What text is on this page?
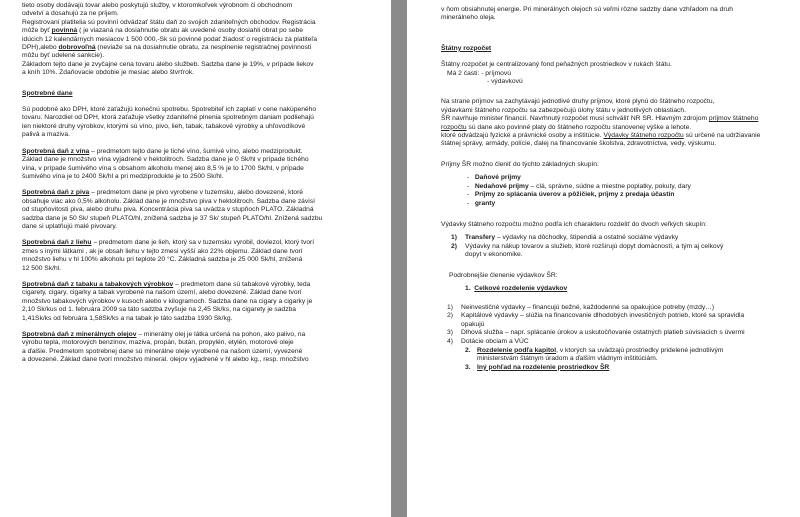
tieto osoby dodávajú tovar alebo poskytujú služby, v ktoromkoľvek výrobnom či obchodnom

odvetví a dosahujú za ne príjem.

Registrovaní platitelia sú povinní odvádzať štátu daň zo svojich zdaniteľných obchodov. Registrácia

môže byť povinná ( je viazaná na dosiahnutie obratu ak uvedené osoby dosiahli obrat po sebe

idúcich 12 kalendárnych mesiacov 1 500 000,-Sk sú povinné podať žiadosť o registráciu za platiteľa

DPH),alebo dobrovoľná (neviaže sa na dosiahnutie obratu, za nesplnenie registračnej povinnosti

môžu byť udelené sankcie).

Základom tejto dane je zvyčajne cena tovaru alebo službeb. Sadzba dane je 19%, v prípade liekov

a kníh 10%. Zdaňovacie obdobie je mesiac alebo štvrťrok.

Spotrebné dane

Sú podobné ako DPH, ktoré zaťažujú konečnú spotrebu. Spotrebiteľ ich zaplatí v cene nakúpeného

tovaru. Narozdiel od DPH, ktorá zaťažuje všetky zdaniteľné plnenia spotrebným daniam podliehajú

len niektoré druhy výrobkov, ktorými sú víno, pivo, lieh, tabak, tabakové výrobky a uhľovodíkové

palivá a maziva.

Spotrebná daň z vína – predmetom tejto dane je tiché víno, šumivé víno, alebo medziprodukt.

Základ dane je množstvo vína vyjadrené v hektolitroch. Sadzba dane je 0 Sk/hl v prípade tichého

vína, v prípade šumivého vína s obsahom alkoholu menej ako 8,5 % je to 1700 Sk/hl, v prípade

šumivého vína je to 2400 Sk/hl a pri medziprodukte je to 2500 Sk/hl.

Spotrebná daň z piva – predmetom dane je pivo vyrobene v tuzemsku, alebo dovezené, ktoré

obsahuje viac ako 0,5% alkoholu. Základ dane je množstvo piva v hektolitroch. Sadzba dane závisí

od stupňovitosti piva, alebo druhu piva. Koncentrácia piva sa uvádza v stupňoch PLATO. Základná

sadzba dane je 50 Sk/ stupeň PLATO/hl, znížená sadzba je 37 Sk/ stupeň PLATO/hl. Znížená sadzbu

dane si uplatňujú malé pivovary.

Spotrebná daň z liehu – predmetom dane je lieh, ktorý sa v tuzemsku vyrobil, doviezol, ktorý tvorí

zmes s inými látkami , ak je obsah liehu v tejto zmesi vyšší ako 22% objemu. Základ dane tvorí

množstvo liehu v hl 100% alkoholu pri teplote 20 °C. Základná sadzba je 25 000 Sk/hl, znížená

12 500 Sk/hl.

Spotrebná daň z tabaku a tabakových výrobkov – predmetom dane sú tabakové výrobky, teda

cigarety, cigary, cigarky a tabak vyrobené na našom území, alebo dovezené. Základ dane tvorí

množstvo tabakových výrobkov v kusoch alebo v kilogramoch. Sadzba dane na cigary a cigarky je

2,10 Sk/kus od 1. februára 2009 sa táto sadzba zvyšuje na 2,45 Sk/ks, na cigarety je sadzba

1,41Sk/ks od februára 1,58Sk/ks a na tabak je táto sadzba 1930 Sk/kg.

Spotrebná daň z minerálnych olejov – minerálny olej je látka určená na pohon, ako palivo, na

výrobu tepla, motorových benzínov, maziva, propán, bután, propylén, etylén, motorové oleje

a ďalšie. Predmetom spotrebnej dane sú minerálne oleje vyrobené na našom území, vyvezené

a dovezené. Základ dane tvorí množstvo mineral. olejov vyjadrené v hl alebo kg., resp. množstvo

v ňom obsiahnutej energie. Pri minerálnych olejoch sú veľmi rôzne sadzby dane vzhľadom na druh

minerálneho oleja.

Štátny rozpočet

Štátny rozpočet je centralizovaný fond peňažných prostriedkov v rukách štátu.

Má 2 časti: - príjmovú

- výdavkovú

Na strane príjmov sa zachytávajú jednotlivé druhy príjmov, ktoré plynú do štátneho rozpočtu,

výdavkami štátneho rozpočtu sa zabezpečujú úlohy štátu v jednotlivých oblastiach.

ŠR navrhuje minister financií. Navrhnutý rozpočet musí schváliť NR SR. Hlavným zdrojom príjmov štátneho

rozpočtu sú dane ako povinné platy do štátneho rozpočtu stanovenej výške a lehote.

ktoré odvádzajú fyzické a právnické osoby a inštitúcie. Výdavky štátneho rozpočtu sú určené na udržiavanie

štátnej správy, armády, polície, ďalej na financovanie školstva, zdravotníctva, vedy, výskumu.

Príjmy ŠR možno členiť do týchto základných skupín:

- Daňové príjmy
- Nedaňové príjmy – clá, správne, súdne a miestne poplatky, pokuty, dary
- Príjmy zo splácania úverov a pôžičiek, príjmy z predaja účastín
- granty

Výdavky štátneho rozpočtu možno podľa ich charakteru rozdeliť do dvoch veľkých skupín:

1)	Transfery – výdavky na dôchodky, štipendiá a ostatné sociálne výdavky
2)	Výdavky na nákup tovarov a služieb, ktoré rozširujú dopyt domácností, a tým aj celkový
dopyt v ekonomike.

Podrobnejšie členenie výdavkov ŠR:

1. Celkové rozdelenie výdavkov

1)	Neinvestičné výdavky – financujú bežné, každodenné sa opakujúce potreby (mzdy…)
2)	Kapitálové výdavky – slúžia na financovanie dlhodobých investičných potrieb, ktoré sa spravidla
opakujú
3)	Dlhová služba – napr. splácanie úrokov a uskutočňovanie ostatných platieb súvisiacich s úvermi
4)	Dotácie obciam a VÚC
2. Rozdelenie podľa kapitol, v ktorých sa uvádzajú prostriedky pridelené jednotlivým
ministerstvám štátnym úradom a ďalším vládnym inštitúciám.
3. Iný pohľad na rozdelenie prostriedkov ŠR
